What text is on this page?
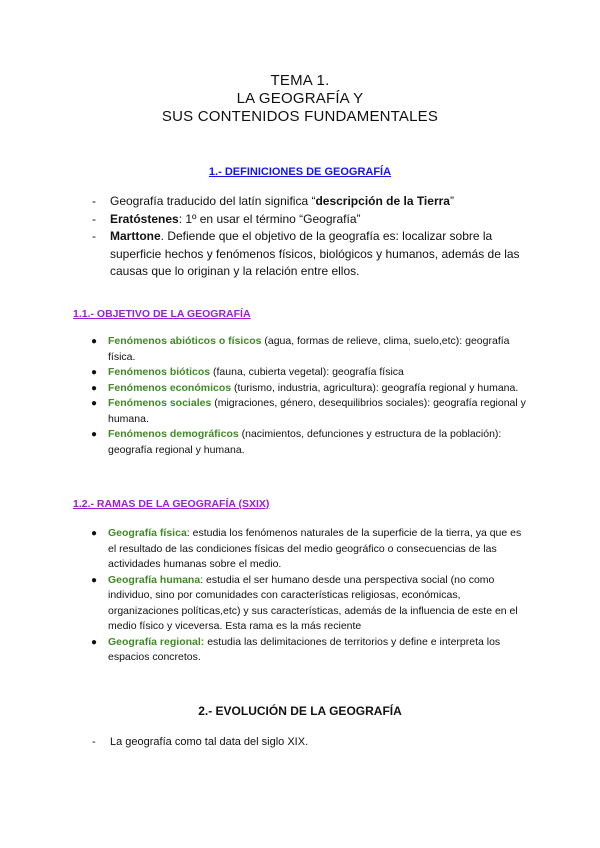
TEMA 1.
LA GEOGRAFÍA Y
SUS CONTENIDOS FUNDAMENTALES
1.- DEFINICIONES DE GEOGRAFÍA
- Geografía traducido del latín significa “descripción de la Tierra”
- Eratóstenes: 1º en usar el término “Geografía”
- Marttone. Defiende que el objetivo de la geografía es: localizar sobre la superficie hechos y fenómenos físicos, biológicos y humanos, además de las causas que lo originan y la relación entre ellos.
1.1.- OBJETIVO DE LA GEOGRAFÍA
● Fenómenos abióticos o físicos (agua, formas de relieve, clima, suelo,etc): geografía física.
● Fenómenos bióticos (fauna, cubierta vegetal): geografía física
● Fenómenos económicos (turismo, industria, agricultura): geografía regional y humana.
● Fenómenos sociales (migraciones, género, desequilibrios sociales): geografía regional y humana.
● Fenómenos demográficos (nacimientos, defunciones y estructura de la población): geografía regional y humana.
1.2.- RAMAS DE LA GEOGRAFÍA (SXIX)
● Geografía física: estudia los fenómenos naturales de la superficie de la tierra, ya que es el resultado de las condiciones físicas del medio geográfico o consecuencias de las actividades humanas sobre el medio.
● Geografía humana: estudia el ser humano desde una perspectiva social (no como individuo, sino por comunidades con características religiosas, económicas, organizaciones políticas,etc) y sus características, además de la influencia de este en el medio físico y viceversa. Esta rama es la más reciente
● Geografía regional: estudia las delimitaciones de territorios y define e interpreta los espacios concretos.
2.- EVOLUCIÓN DE LA GEOGRAFÍA
- La geografía como tal data del siglo XIX.
